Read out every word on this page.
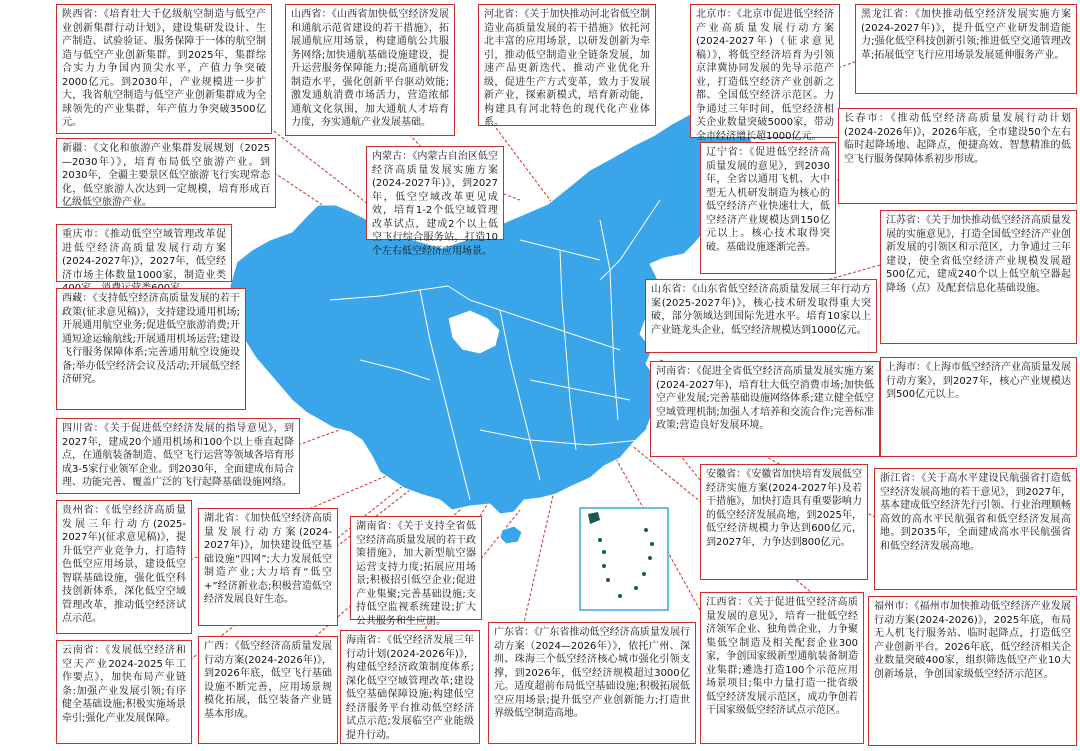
陕西省：《培育壮大千亿级航空制造与低空产业创新集群行动计划》，建设集研发设计、生产制造、试验验证、服务保障于一体的航空制造与低空产业创新集群。到2025年，集群综合实力力争国内顶尖水平，产值力争突破2000亿元。到2030年，产业规模进一步扩大，我省航空制造与低空产业创新集群成为全球领先的产业集群，年产值力争突破3500亿元。
山西省：《山西省加快低空经济发展和通航示范省建设的若干措施》，拓展通航应用场景，构建通航公共服务网络;加快通航基础设施建设，提升运营服务保障能力;提高通航研发制造水平，强化创新平台驱动效能;激发通航消费市场活力，营造浓郁通航文化氛围，加大通航人才培育力度，夯实通航产业发展基础。
河北省：《关于加快推动河北省低空制造业高质量发展的若干措施》依托河北丰富的应用场景，以研发创新为牵引，推动低空制造业全链条发展，加速产品更新迭代、推动产业优化升级，促进生产方式变革，致力于发展新产业，探索新模式，培育新动能，构建具有河北特色的现代化产业体系。
北京市：《北京市促进低空经济产业高质量发展行动方案(2024-2027年)（征求意见稿）》，将低空经济培育为引领京津冀协同发展的先导示范产业，打造低空经济产业创新之都、全国低空经济示范区。力争通过三年时间，低空经济相关企业数量突破5000家，带动全市经济增长超1000亿元。
黑龙江省：《加快推动低空经济发展实施方案(2024-2027年)》，提升低空产业研发制造能力;强化低空科技创新引领;推进低空交通管理改革;拓展低空飞行应用场景发展延伸服务产业。
长春市：《推动低空经济高质量发展行动计划(2024-2026年)》，2026年底，全市建设50个左右临时起降场地、起降点，便捷高效、智慧精准的低空飞行服务保障体系初步形成。
新疆：《文化和旅游产业集群发展规划（2025—2030年）》，培育布局低空旅游产业。到2030年，全疆主要景区低空旅游飞行实现常态化，低空旅游人次达到一定规模，培育形成百亿级低空旅游产业。
内蒙古：《内蒙古自治区低空经济高质量发展实施方案(2024-2027年)》，到2027年，低空空域改革更见成效，培育1-2个低空域管理改革试点，建成2个以上低空飞行综合服务站，打造10个左右低空经济应用场景。
辽宁省：《促进低空经济高质量发展的意见》，到2030年，全省以通用飞机、大中型无人机研发制造为核心的低空经济产业快速壮大，低空经济产业规模达到150亿元以上。核心技术取得突破。基础设施逐渐完善。
重庆市：《推动低空空域管理改革促进低空经济高质量发展行动方案(2024-2027年)》，2027年，低空经济市场主体数量1000家，制造业类
江苏省：《关于加快推动低空经济高质量发展的实施意见》，打造全国低空经济产业创新发展的引领区和示范区，力争通过三年建设，使全省低空经济产业规模发展超500亿元，建成240个以上低空航空器起降场（点）及配套信息化基础设施。
西藏：《支持低空经济高质量发展的若干政策(征求意见稿)》，支持建设通用机场;开展通用航空业务;促进低空旅游消费;开通短途运输航线;开展通用机场运营;建设飞行服务保障体系;完善通用航空设施设备;举办低空经济会议及活动;开展低空经济研究。
山东省：《山东省低空经济高质量发展三年行动方案(2025-2027年)》，核心技术研发取得重大突破，部分领域达到国际先进水平。培育10家以上产业链龙头企业，低空经济规模达到1000亿元。
河南省：《促进全省低空经济高质量发展实施方案(2024-2027年)，培育壮大低空消费市场;加快低空产业发展;完善基础设施网络体系;建立健全低空空域管理机制;加强人才培养和交流合作;完善标准政策;营造良好发展环境。
上海市：《上海市低空经济产业高质量发展行动方案》，到2027年，核心产业规模达到500亿元以上。
四川省：《关于促进低空经济发展的指导意见》，到2027年，建成20个通用机场和100个以上垂直起降点，在通航装备制造、低空飞行运营等领域各培育形成3-5家行业领军企业。到2030年，全面建成布局合理、功能完善、覆盖广泛的飞行起降基础设施网络。
安徽省：《安徽省加快培育发展低空经济实施方案(2024-2027年)及若干措施》，加快打造具有重要影响力的低空经济发展高地，到2025年，低空经济规模力争达到600亿元，到2027年，力争达到800亿元。
浙江省：《关于高水平建设民航强省打造低空经济发展高地的若干意见》，到2027年，基本建成低空经济先行引领、行业治理顺畅高效的高水平民航强省和低空经济发展高地。到2035年，全面建成高水平民航强省和低空经济发展高地。
贵州省：《低空经济高质量发展三年行动方(2025-2027年)(征求意见稿)》，提升低空产业竞争力，打造特色低空应用场景，建设低空智联基础设施，强化低空科技创新体系，深化低空空域管理改革，推动低空经济试点示范。
湖北省：《加快低空经济高质量发展行动方案(2024-2027年)》，加快建设低空基础设施“四网”;大力发展低空制造产业;大力培育“低空+”经济新业态;积极营造低空经济发展良好生态。
湖南省：《关于支持全省低空经济高质量发展的若干政策措施》，加大新型航空器运营支持力度;拓展应用场景;积极招引低空企业;促进产业集聚;完善基础设施;支持低空监视系统建设;扩大公共服务和生应用。
江西省：《关于促进低空经济高质量发展的意见》，培育一批低空经济领军企业、独角兽企业，力争聚集低空制造及相关配套企业300家，争创国家级新型通航装备制造业集群;遴选打造100个示范应用场景项目;集中力量打造一批省级低空经济发展示范区，成功争创若干国家级低空经济试点示范区。
云南省：《发展低空经济和空天产业2024-2025年工作要点》，加快布局产业链条:加强产业发展引领;有序健全基础设施;积极实施场景牵引;强化产业发展保障。
广西：《低空经济高质量发展行动方案(2024-2026年)》，到2026年底，低空飞行基础设施不断完善，应用场景规模化拓展，低空装备产业链基本形成。
海南省：《低空经济发展三年行动计划(2024-2026年)》，构建低空经济政策制度体系;深化低空空域管理改革;建设低空基础保障设施;构建低空经济服务平台推动低空经济试点示范;发展临空产业能级提升行动。
广东省：《广东省推动低空经济高质量发展行动方案（2024—2026年）》，依托广州、深圳、珠海三个低空经济核心城市强化引领支撑，到2026年，低空经济规模超过3000亿元。适度超前布局低空基础设施;积极拓展低空应用场景;提升低空产业创新能力;打造世界级低空制造高地。
福州市：《福州市加快推动低空经济产业发展行动方案(2024-2026)》，2025年底，布局无人机飞行服务站、临时起降点，打造低空产业创新平台。2026年底，低空经济相关企业数量突破400家，组织筛选低空产业10大创新场景，争创国家级低空经济示范区。
